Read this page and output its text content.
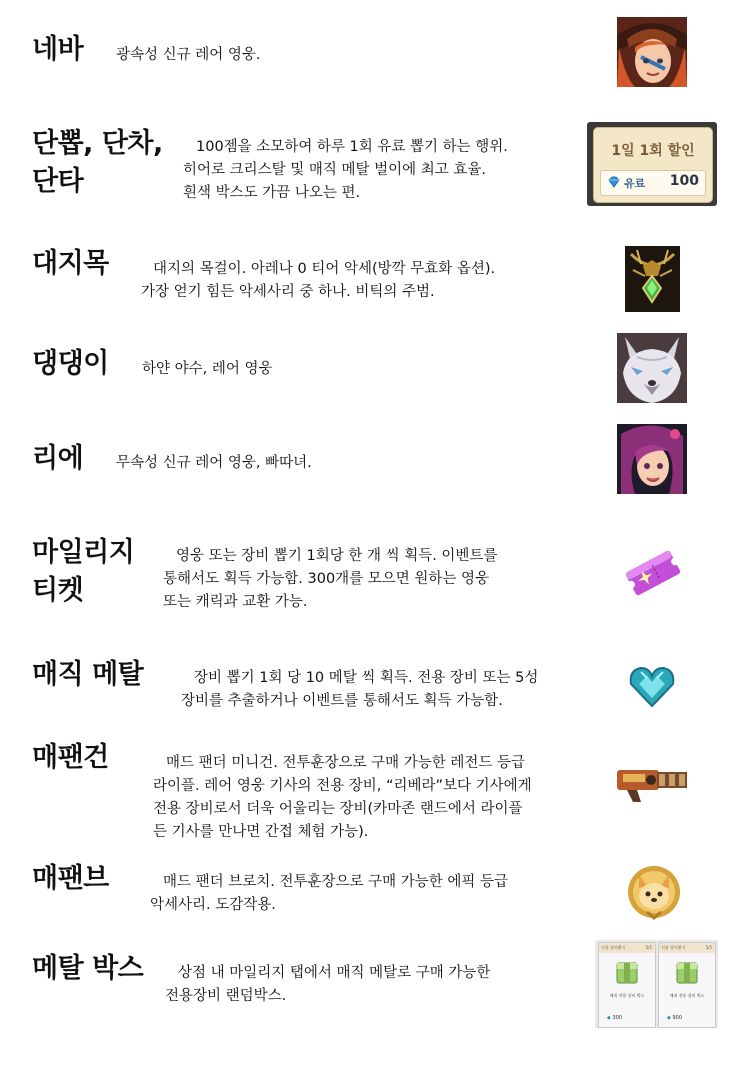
네바 광속성 신규 레어 영웅.
단뽑, 단차,
단타
100젬을 소모하여 하루 1회 유료 뽑기 하는 행위.
히어로 크리스탈 및 매직 메탈 벌이에 최고 효율.
흰색 박스도 가끔 나오는 편.
1일 1회 할인
유료 100
대지목	대지의 목걸이. 아레나 0 티어 악세(방깍 무효화 옵션).
가장 얻기 힘든 악세사리 중 하나. 비틱의 주범.
댕댕이 하얀 야수, 레어 영웅
리에 무속성 신규 레어 영웅, 빠따녀.
마일리지
티켓
영웅 또는 장비 뽑기 1회당 한 개 씩 획득. 이벤트를
통해서도 획득 가능함. 300개를 모으면 원하는 영웅
또는 캐릭과 교환 가능.
매직 메탈	장비 뽑기 1회 당 10 메탈 씩 획득. 전용 장비 또는 5성
장비를 추출하거나 이벤트를 통해서도 획득 가능함.
매팬건	매드 팬더 미니건. 전투훈장으로 구매 가능한 레전드 등급
라이플. 레어 영웅 기사의 전용 장비, “리베라”보다 기사에게
전용 장비로서 더욱 어울리는 장비(카마존 랜드에서 라이플
든 기사를 만나면 간접 체험 가능).
매팬브	매드 팬더 브로치. 전투훈장으로 구매 가능한 에픽 등급
악세사리. 도감작용.
메탈 박스	상점 내 마일리지 탭에서 매직 메탈로 구매 가능한
전용장비 랜덤박스.
전용 장비뽑기	5/5
매직 전용 장비 박스
◆ 300
전용 장비뽑기	5/5
매직 전용 장비 박스
◆ 900
